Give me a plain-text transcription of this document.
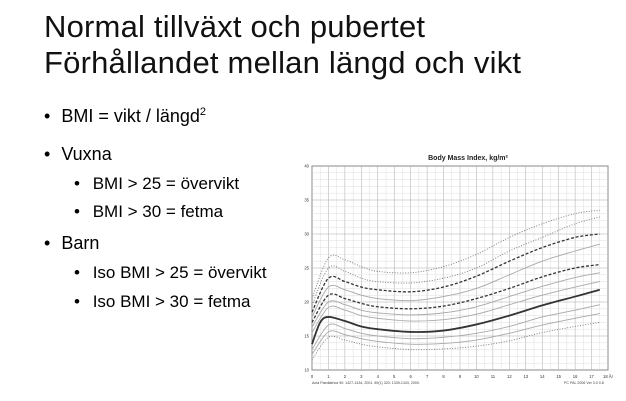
Normal tillväxt och pubertet
Förhållandet mellan längd och vikt
• BMI = vikt / längd$^2$
• Vuxna
• BMI > 25 = övervikt
• BMI > 30 = fetma
• Barn
• Iso BMI > 25 = övervikt
• Iso BMI > 30 = fetma
Body Mass Index, kg/m²
0	1	2	3	4	5	6	7	8	9	10	11	12	13	14	15	16	17 18 År
10
15
20
25
30
35
40
Acta Paediatrica 90: 1427-1434, 2001. 89(1) 320: 1339-1343, 2000.	PC PAL 2006 Ver 3.0 0.8
